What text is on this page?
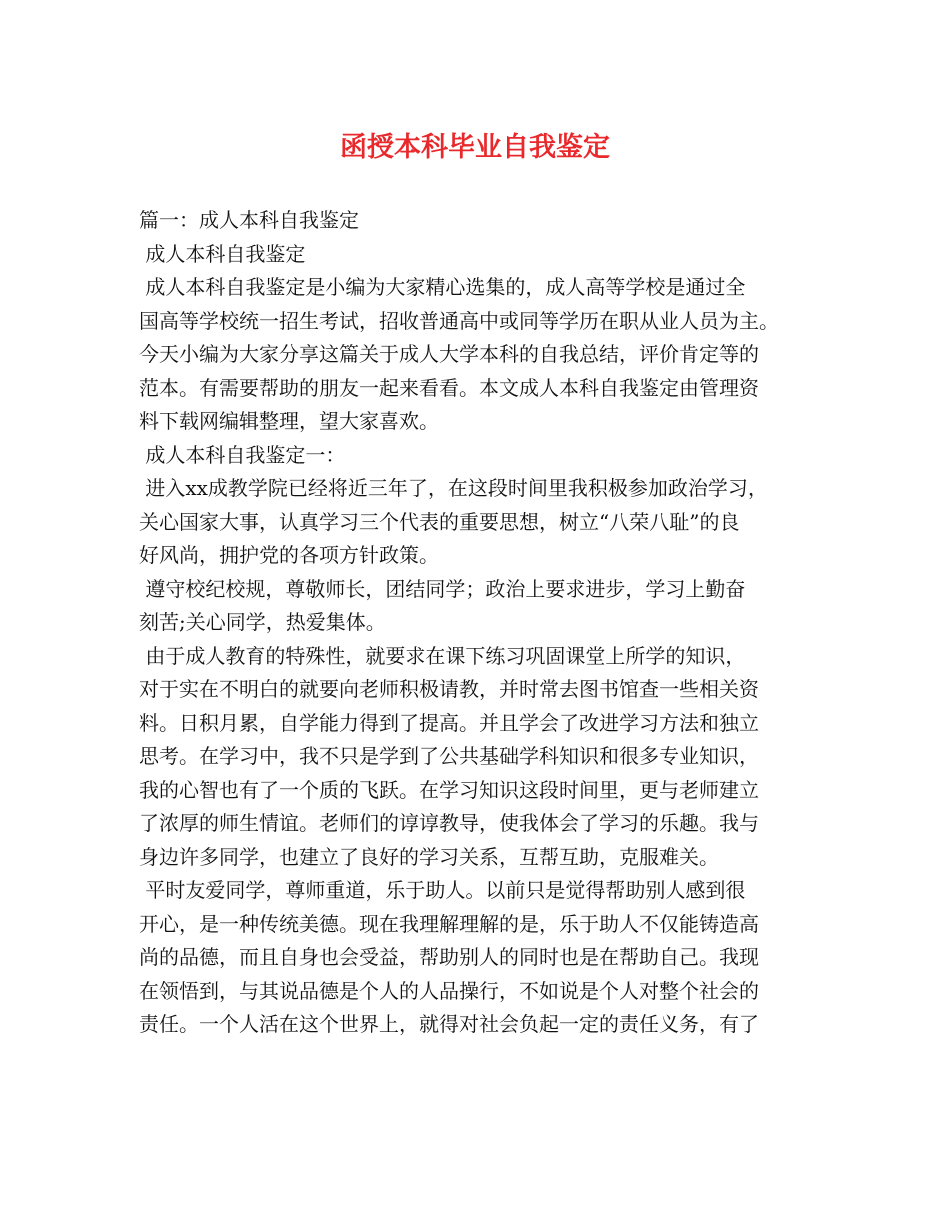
函授本科毕业自我鉴定
篇一：成人本科自我鉴定
成人本科自我鉴定
成人本科自我鉴定是小编为大家精心选集的，成人高等学校是通过全
国高等学校统一招生考试，招收普通高中或同等学历在职从业人员为主。
今天小编为大家分享这篇关于成人大学本科的自我总结，评价肯定等的
范本。有需要帮助的朋友一起来看看。本文成人本科自我鉴定由管理资
料下载网编辑整理，望大家喜欢。
成人本科自我鉴定一：
进入xx成教学院已经将近三年了，在这段时间里我积极参加政治学习，
关心国家大事，认真学习三个代表的重要思想，树立“八荣八耻”的良
好风尚，拥护党的各项方针政策。
遵守校纪校规，尊敬师长，团结同学；政治上要求进步，学习上勤奋
刻苦;关心同学，热爱集体。
由于成人教育的特殊性，就要求在课下练习巩固课堂上所学的知识，
对于实在不明白的就要向老师积极请教，并时常去图书馆查一些相关资
料。日积月累，自学能力得到了提高。并且学会了改进学习方法和独立
思考。在学习中，我不只是学到了公共基础学科知识和很多专业知识，
我的心智也有了一个质的飞跃。在学习知识这段时间里，更与老师建立
了浓厚的师生情谊。老师们的谆谆教导，使我体会了学习的乐趣。我与
身边许多同学，也建立了良好的学习关系，互帮互助，克服难关。
平时友爱同学，尊师重道，乐于助人。以前只是觉得帮助别人感到很
开心，是一种传统美德。现在我理解理解的是，乐于助人不仅能铸造高
尚的品德，而且自身也会受益，帮助别人的同时也是在帮助自己。我现
在领悟到，与其说品德是个人的人品操行，不如说是个人对整个社会的
责任。一个人活在这个世界上，就得对社会负起一定的责任义务，有了
